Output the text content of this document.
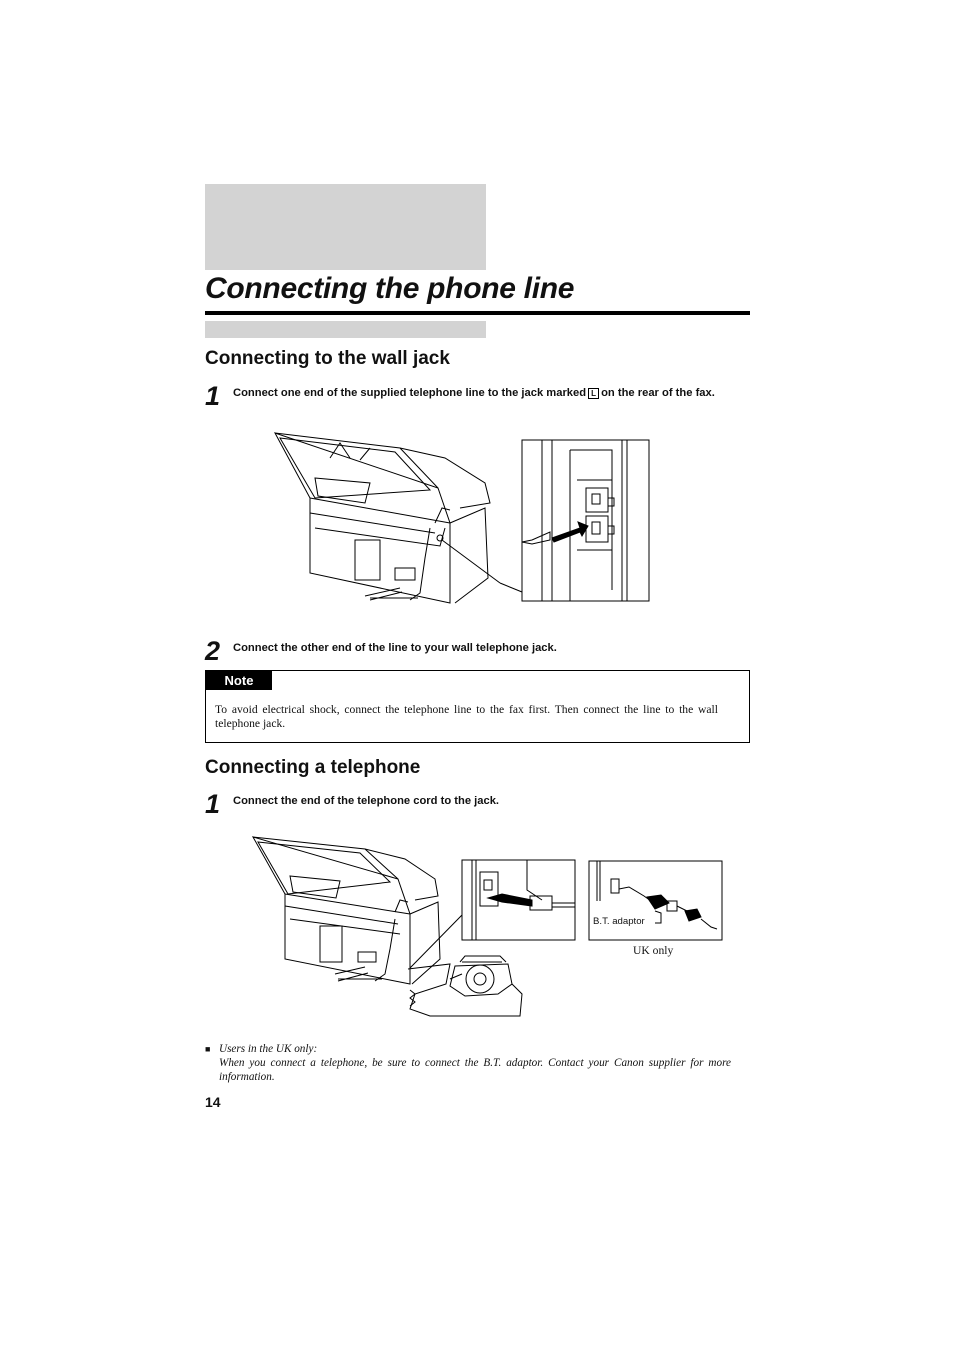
Connecting the phone line
Connecting to the wall jack
1 Connect one end of the supplied telephone line to the jack marked L on the rear of the fax.
2 Connect the other end of the line to your wall telephone jack.
Note
To avoid electrical shock, connect the telephone line to the fax first. Then connect the line to the wall telephone jack.
Connecting a telephone
1 Connect the end of the telephone cord to the jack.
B.T. adaptor
UK only
■ Users in the UK only:
When you connect a telephone, be sure to connect the B.T. adaptor. Contact your Canon supplier for more information.
14
